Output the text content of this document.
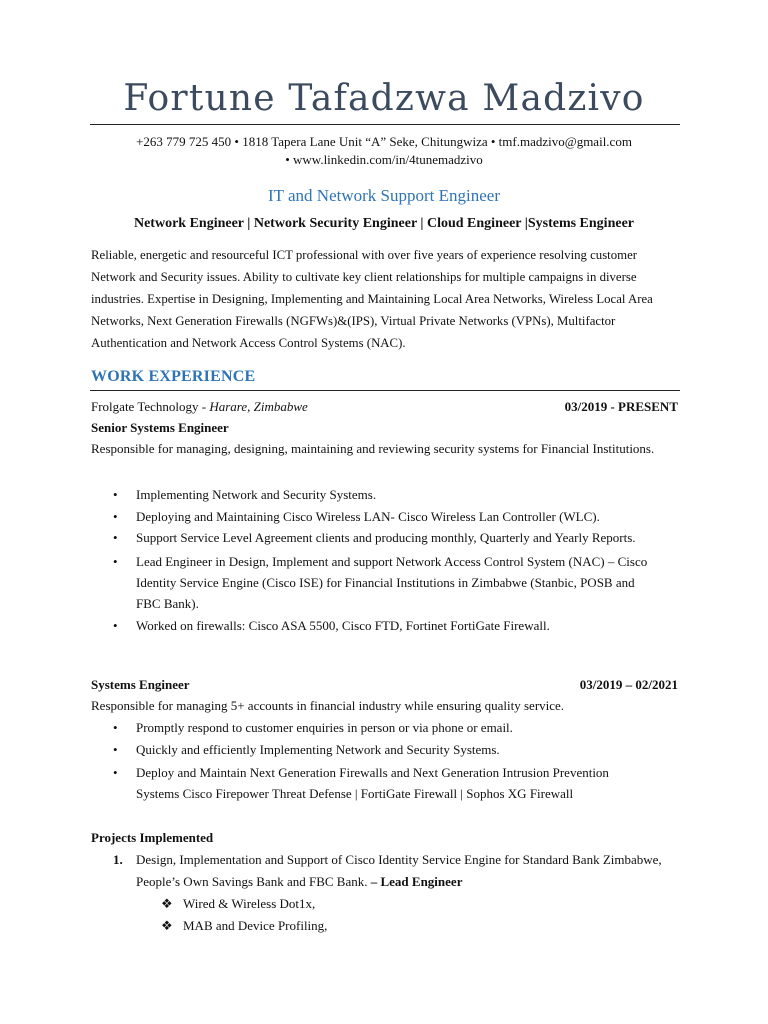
Fortune Tafadzwa Madzivo
+263 779 725 450 • 1818 Tapera Lane Unit “A” Seke, Chitungwiza • tmf.madzivo@gmail.com
• www.linkedin.com/in/4tunemadzivo
IT and Network Support Engineer
Network Engineer | Network Security Engineer | Cloud Engineer |Systems Engineer

Reliable, energetic and resourceful ICT professional with over five years of experience resolving customer Network and Security issues. Ability to cultivate key client relationships for multiple campaigns in diverse industries. Expertise in Designing, Implementing and Maintaining Local Area Networks, Wireless Local Area Networks, Next Generation Firewalls (NGFWs)&(IPS), Virtual Private Networks (VPNs), Multifactor Authentication and Network Access Control Systems (NAC).

WORK EXPERIENCE
Frolgate Technology - Harare, Zimbabwe	03/2019 - PRESENT
Senior Systems Engineer
Responsible for managing, designing, maintaining and reviewing security systems for Financial Institutions.
• Implementing Network and Security Systems.
• Deploying and Maintaining Cisco Wireless LAN- Cisco Wireless Lan Controller (WLC).
• Support Service Level Agreement clients and producing monthly, Quarterly and Yearly Reports.
• Lead Engineer in Design, Implement and support Network Access Control System (NAC) – Cisco Identity Service Engine (Cisco ISE) for Financial Institutions in Zimbabwe (Stanbic, POSB and FBC Bank).
• Worked on firewalls: Cisco ASA 5500, Cisco FTD, Fortinet FortiGate Firewall.
Systems Engineer	03/2019 – 02/2021
Responsible for managing 5+ accounts in financial industry while ensuring quality service.
• Promptly respond to customer enquiries in person or via phone or email.
• Quickly and efficiently Implementing Network and Security Systems.
• Deploy and Maintain Next Generation Firewalls and Next Generation Intrusion Prevention Systems Cisco Firepower Threat Defense | FortiGate Firewall | Sophos XG Firewall
Projects Implemented
1. Design, Implementation and Support of Cisco Identity Service Engine for Standard Bank Zimbabwe, People’s Own Savings Bank and FBC Bank. – Lead Engineer
❖ Wired & Wireless Dot1x,
❖ MAB and Device Profiling,
